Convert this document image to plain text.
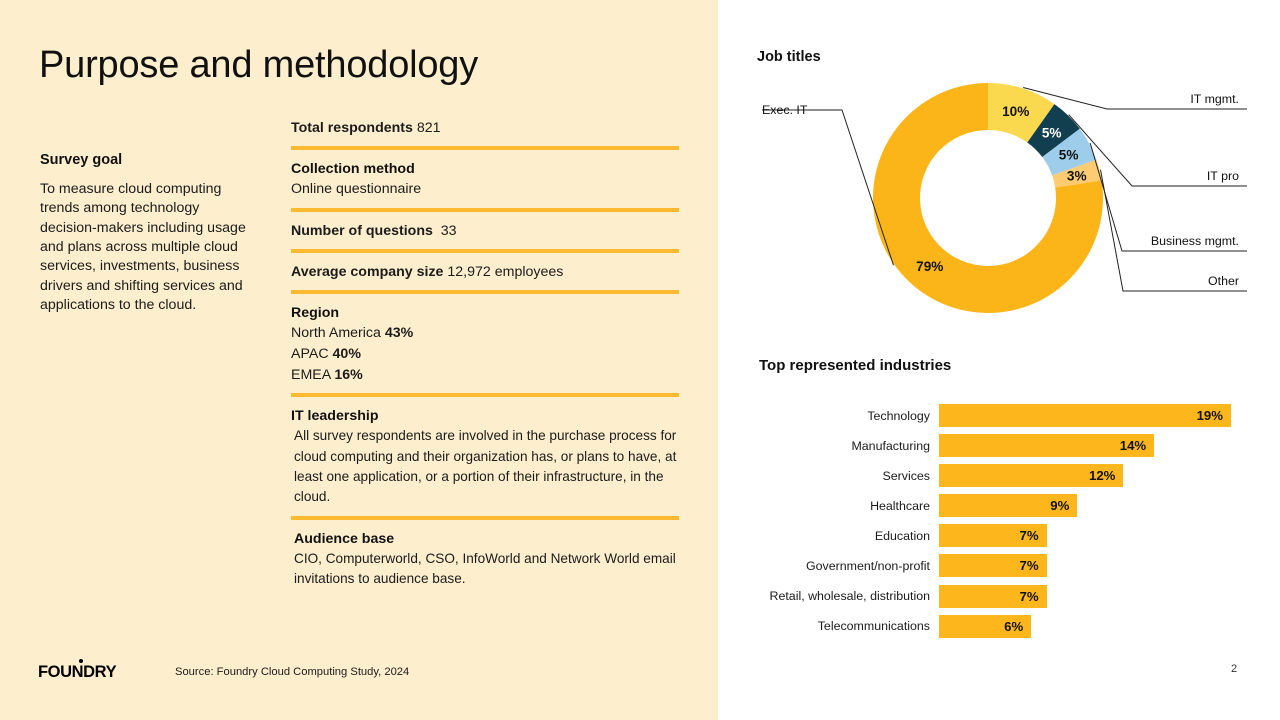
Purpose and methodology
Survey goal
To measure cloud computing trends among technology decision-makers including usage and plans across multiple cloud services, investments, business drivers and shifting services and applications to the cloud.
Total respondents 821
Collection method
Online questionnaire
Number of questions 33
Average company size 12,972 employees
Region
North America 43%
APAC 40%
EMEA 16%
IT leadership
All survey respondents are involved in the purchase process for cloud computing and their organization has, or plans to have, at least one application, or a portion of their infrastructure, in the cloud.
Audience base
CIO, Computerworld, CSO, InfoWorld and Network World email invitations to audience base.
FOUNDRY	Source: Foundry Cloud Computing Study, 2024	2
Job titles
10%
5%
5%
3%
79%
Exec. IT
IT mgmt.
IT pro
Business mgmt.
Other
Top represented industries
Technology	19%
Manufacturing	14%
Services	12%
Healthcare	9%
Education	7%
Government/non-profit	7%
Retail, wholesale, distribution	7%
Telecommunications	6%
